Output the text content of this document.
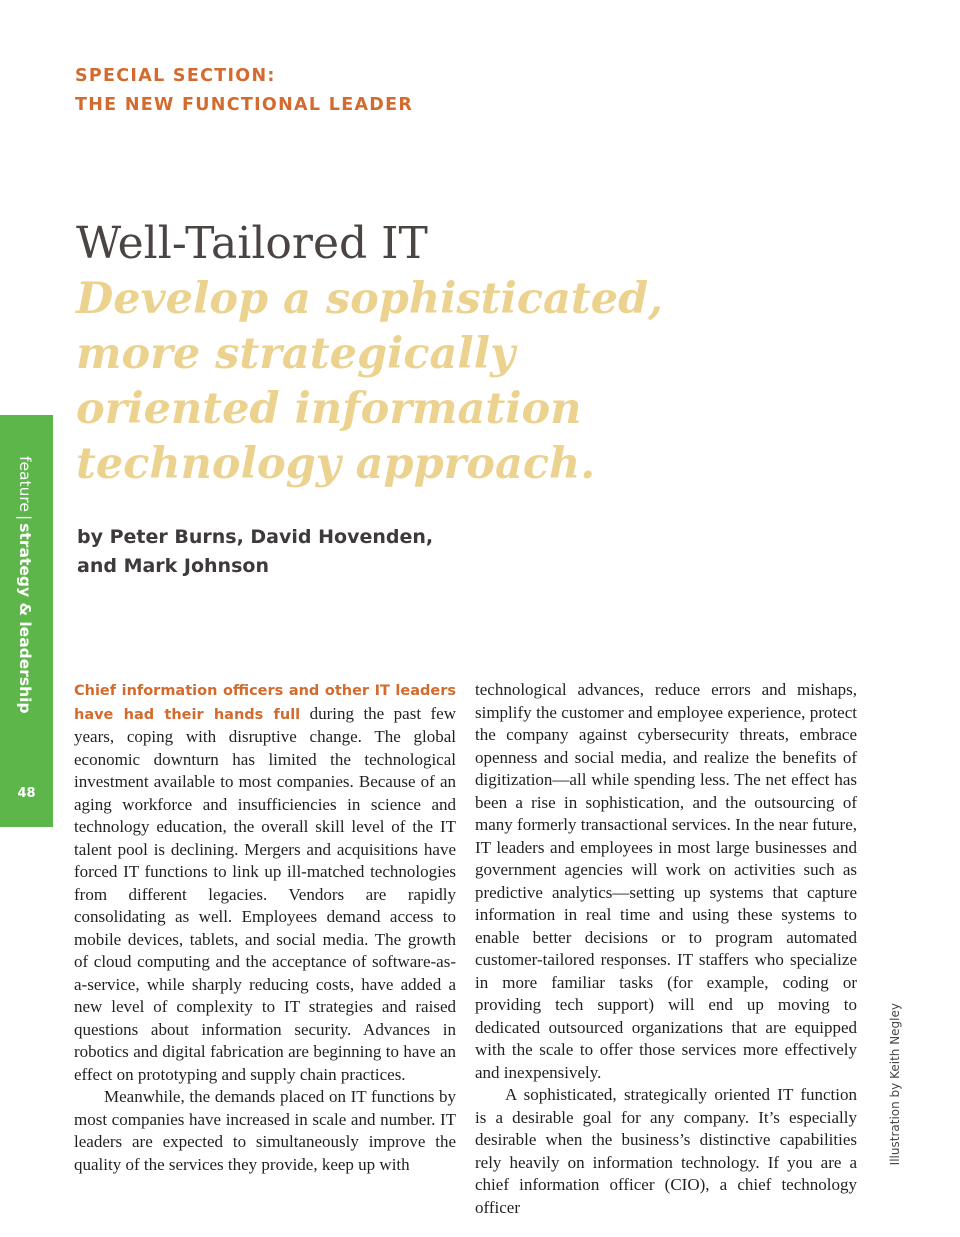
SPECIAL SECTION:
THE NEW FUNCTIONAL LEADER
Well-Tailored IT
Develop a sophisticated,
more strategically
oriented information
technology approach.
by Peter Burns, David Hovenden,
and Mark Johnson
feature|strategy & leadership
48

Chief information officers and other IT leaders have had their hands full during the past few years, coping with disruptive change. The global economic downturn has limited the technological investment available to most companies. Because of an aging workforce and insufficiencies in science and technology education, the overall skill level of the IT talent pool is declining. Mergers and acquisitions have forced IT functions to link up ill-matched technologies from different legacies. Vendors are rapidly consolidating as well. Employees demand access to mobile devices, tablets, and social media. The growth of cloud computing and the acceptance of software-as-a-service, while sharply reducing costs, have added a new level of complexity to IT strategies and raised questions about information security. Advances in robotics and digital fabrication are beginning to have an effect on prototyping and supply chain practices.

Meanwhile, the demands placed on IT functions by most companies have increased in scale and number. IT leaders are expected to simultaneously improve the quality of the services they provide, keep up with

technological advances, reduce errors and mishaps, simplify the customer and employee experience, protect the company against cybersecurity threats, embrace openness and social media, and realize the benefits of digitization—all while spending less. The net effect has been a rise in sophistication, and the outsourcing of many formerly transactional services. In the near future, IT leaders and employees in most large businesses and government agencies will work on activities such as predictive analytics—setting up systems that capture information in real time and using these systems to enable better decisions or to program automated customer-tailored responses. IT staffers who specialize in more familiar tasks (for example, coding or providing tech support) will end up moving to dedicated outsourced organizations that are equipped with the scale to offer those services more effectively and inexpensively.

A sophisticated, strategically oriented IT function is a desirable goal for any company. It’s especially desirable when the business’s distinctive capabilities rely heavily on information technology. If you are a chief information officer (CIO), a chief technology officer

Illustration by Keith Negley
